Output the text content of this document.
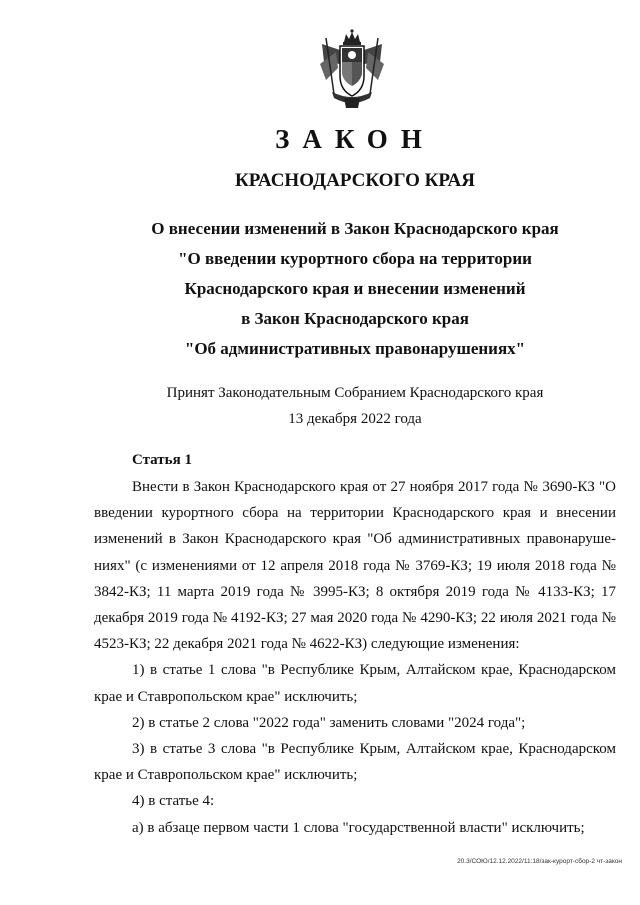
ЗАКОН
КРАСНОДАРСКОГО КРАЯ
О внесении изменений в Закон Краснодарского края
"О введении курортного сбора на территории
Краснодарского края и внесении изменений
в Закон Краснодарского края
"Об административных правонарушениях"
Принят Законодательным Собранием Краснодарского края
13 декабря 2022 года
Статья 1

Внести в Закон Краснодарского края от 27 ноября 2017 года № 3690-КЗ "О введении курортного сбора на территории Краснодарского края и внесении изменений в Закон Краснодарского края "Об административных правонаруше-ниях" (с изменениями от 12 апреля 2018 года № 3769-КЗ; 19 июля 2018 года № 3842-КЗ; 11 марта 2019 года № 3995-КЗ; 8 октября 2019 года № 4133-КЗ; 17 декабря 2019 года № 4192-КЗ; 27 мая 2020 года № 4290-КЗ; 22 июля 2021 года № 4523-КЗ; 22 декабря 2021 года № 4622-КЗ) следующие изменения:

1) в статье 1 слова "в Республике Крым, Алтайском крае, Краснодарском крае и Ставропольском крае" исключить;

2) в статье 2 слова "2022 года" заменить словами "2024 года";

3) в статье 3 слова "в Республике Крым, Алтайском крае, Краснодарском крае и Ставропольском крае" исключить;

4) в статье 4:

а) в абзаце первом части 1 слова "государственной власти" исключить;

20.3/СОЮ/12.12.2022/11:18/зак-курорт-сбор-2 чт-закон
